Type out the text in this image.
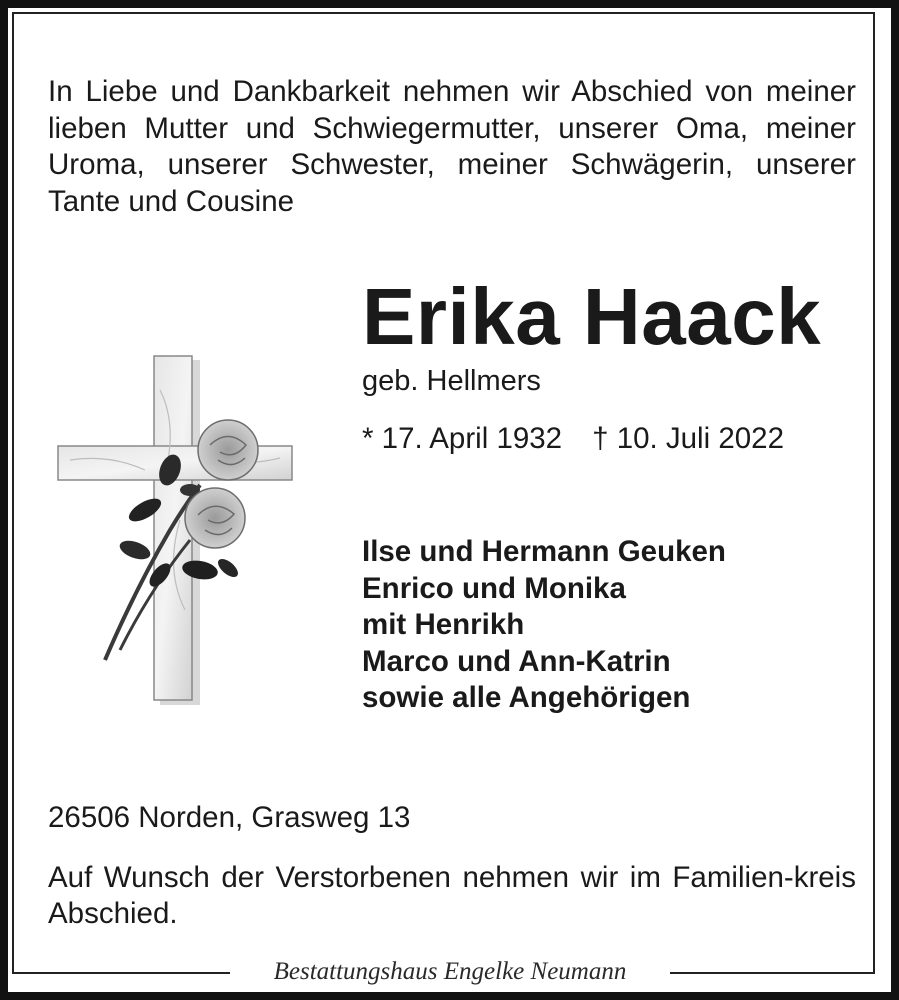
In Liebe und Dankbarkeit nehmen wir Abschied von meiner lieben Mutter und Schwiegermutter, unserer Oma, meiner Uroma, unserer Schwester, meiner Schwägerin, unserer Tante und Cousine
Erika Haack
geb. Hellmers
* 17. April 1932 † 10. Juli 2022
Ilse und Hermann Geuken
Enrico und Monika
mit Henrikh
Marco und Ann-Katrin
sowie alle Angehörigen
26506 Norden, Grasweg 13
Auf Wunsch der Verstorbenen nehmen wir im Familien-kreis Abschied.
Bestattungshaus Engelke Neumann
